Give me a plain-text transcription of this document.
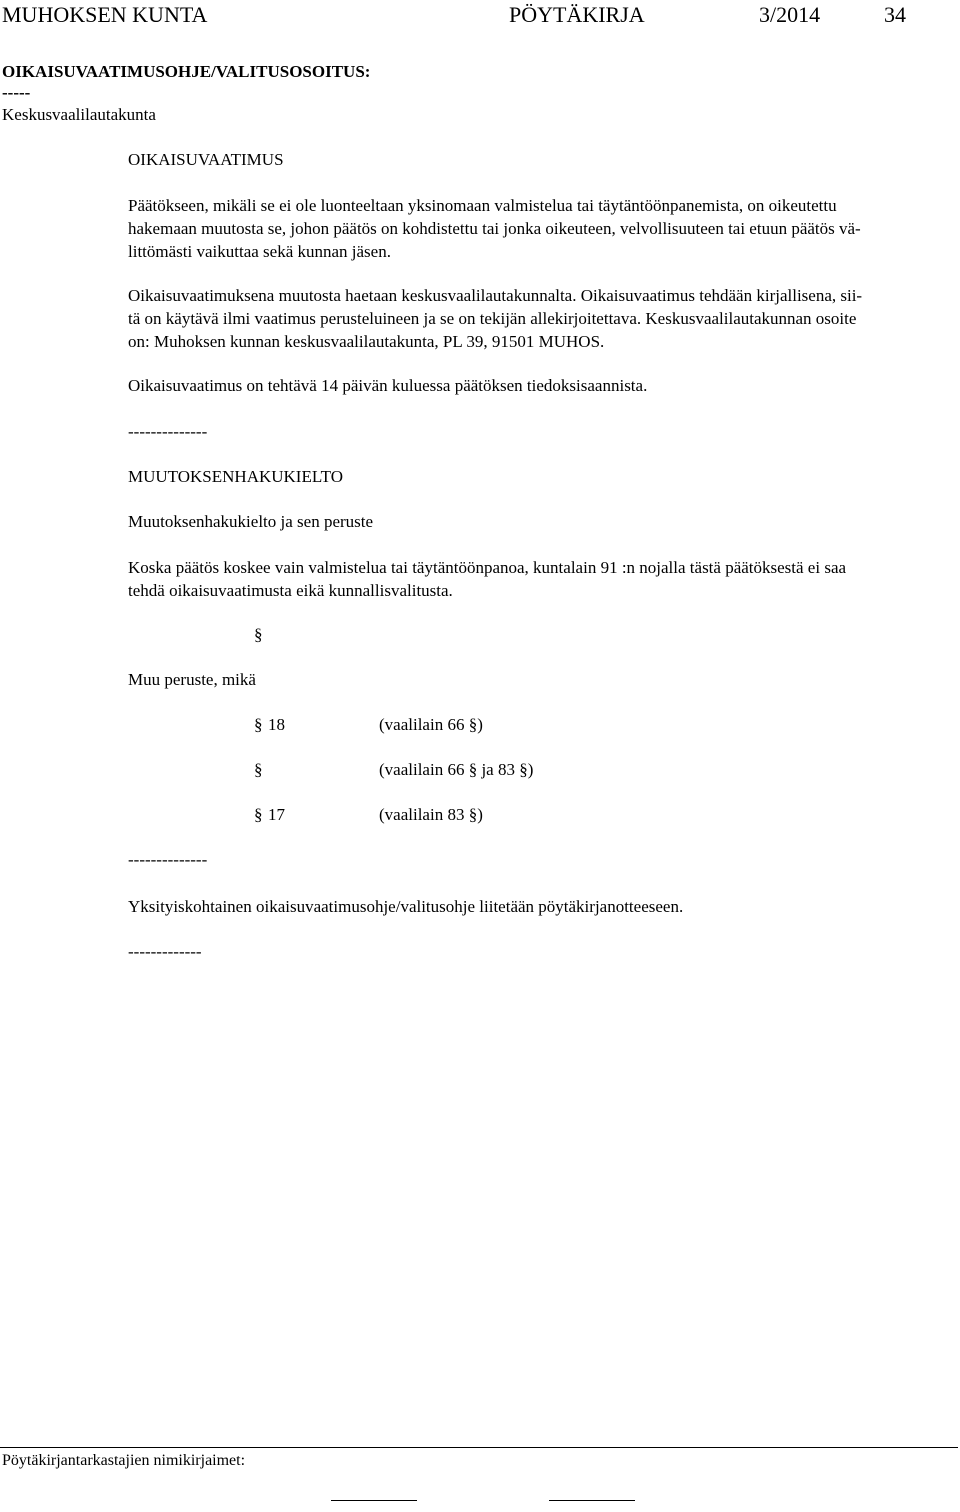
MUHOKSEN KUNTA	PÖYTÄKIRJA	3/2014	34
OIKAISUVAATIMUSOHJE/VALITUSOSOITUS:
-----
Keskusvaalilautakunta
OIKAISUVAATIMUS
Päätökseen, mikäli se ei ole luonteeltaan yksinomaan valmistelua tai täytäntöönpanemista, on oikeutettu
hakemaan muutosta se, johon päätös on kohdistettu tai jonka oikeuteen, velvollisuuteen tai etuun päätös vä-
littömästi vaikuttaa sekä kunnan jäsen.
Oikaisuvaatimuksena muutosta haetaan keskusvaalilautakunnalta. Oikaisuvaatimus tehdään kirjallisena, sii-
tä on käytävä ilmi vaatimus perusteluineen ja se on tekijän allekirjoitettava. Keskusvaalilautakunnan osoite
on: Muhoksen kunnan keskusvaalilautakunta, PL 39, 91501 MUHOS.
Oikaisuvaatimus on tehtävä 14 päivän kuluessa päätöksen tiedoksisaannista.
--------------
MUUTOKSENHAKUKIELTO
Muutoksenhakukielto ja sen peruste
Koska päätös koskee vain valmistelua tai täytäntöönpanoa, kuntalain 91 :n nojalla tästä päätöksestä ei saa
tehdä oikaisuvaatimusta eikä kunnallisvalitusta.
§
Muu peruste, mikä
§ 18	(vaalilain 66 §)
§	(vaalilain 66 § ja 83 §)
§ 17	(vaalilain 83 §)
--------------
Yksityiskohtainen oikaisuvaatimusohje/valitusohje liitetään pöytäkirjanotteeseen.
-------------
Pöytäkirjantarkastajien nimikirjaimet:
